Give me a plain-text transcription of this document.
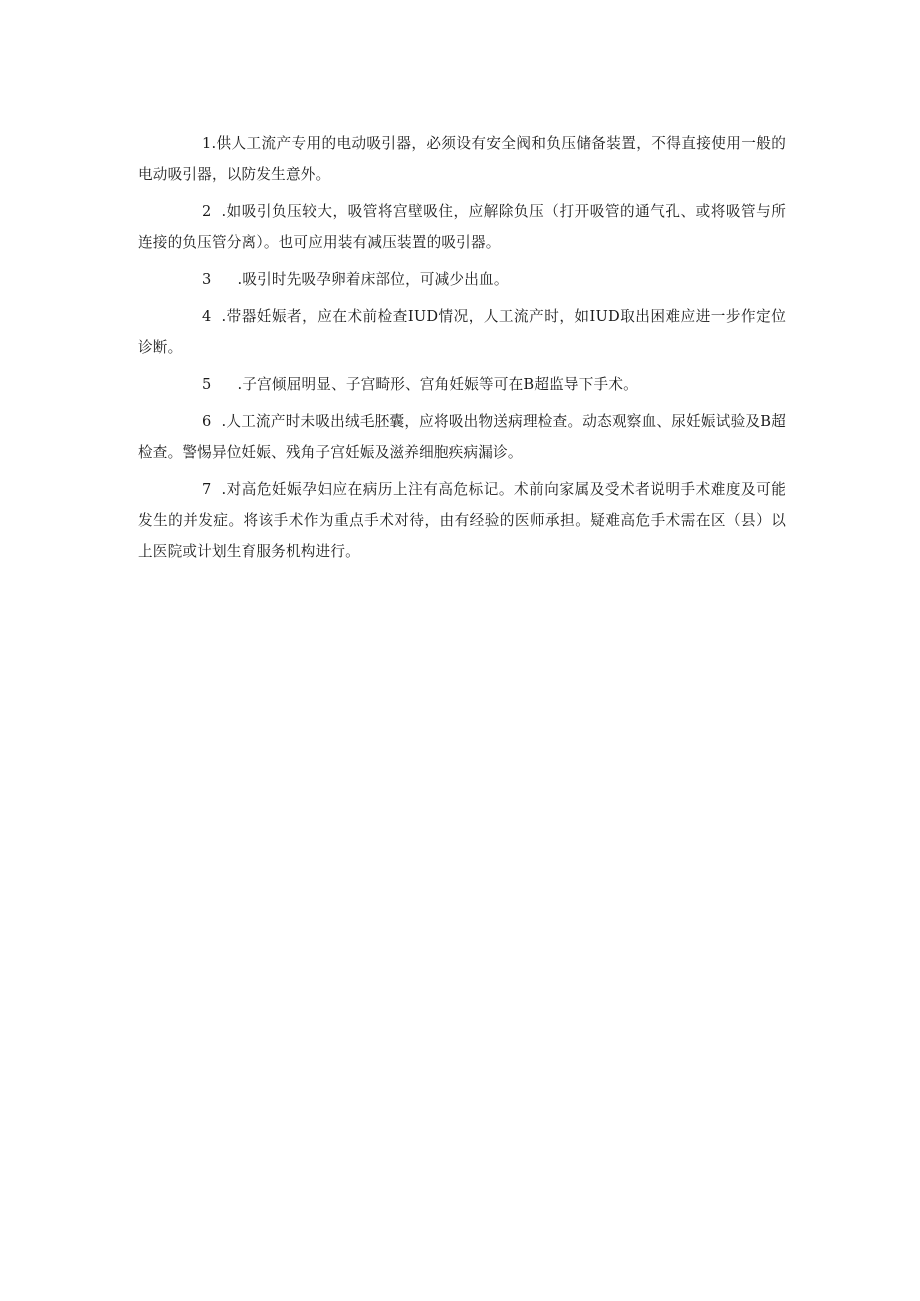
1.供人工流产专用的电动吸引器，必须设有安全阀和负压储备装置，不得直接使用一般的电动吸引器，以防发生意外。

2 .如吸引负压较大，吸管将宫壁吸住，应解除负压（打开吸管的通气孔、或将吸管与所连接的负压管分离）。也可应用装有减压装置的吸引器。

3 .吸引时先吸孕卵着床部位，可减少出血。

4 .带器妊娠者，应在术前检查IUD情况，人工流产时，如IUD取出困难应进一步作定位诊断。

5 .子宫倾屈明显、子宫畸形、宫角妊娠等可在B超监导下手术。

6 .人工流产时未吸出绒毛胚囊，应将吸出物送病理检查。动态观察血、尿妊娠试验及B超检查。警惕异位妊娠、残角子宫妊娠及滋养细胞疾病漏诊。

7 .对高危妊娠孕妇应在病历上注有高危标记。术前向家属及受术者说明手术难度及可能发生的并发症。将该手术作为重点手术对待，由有经验的医师承担。疑难高危手术需在区（县）以上医院或计划生育服务机构进行。
